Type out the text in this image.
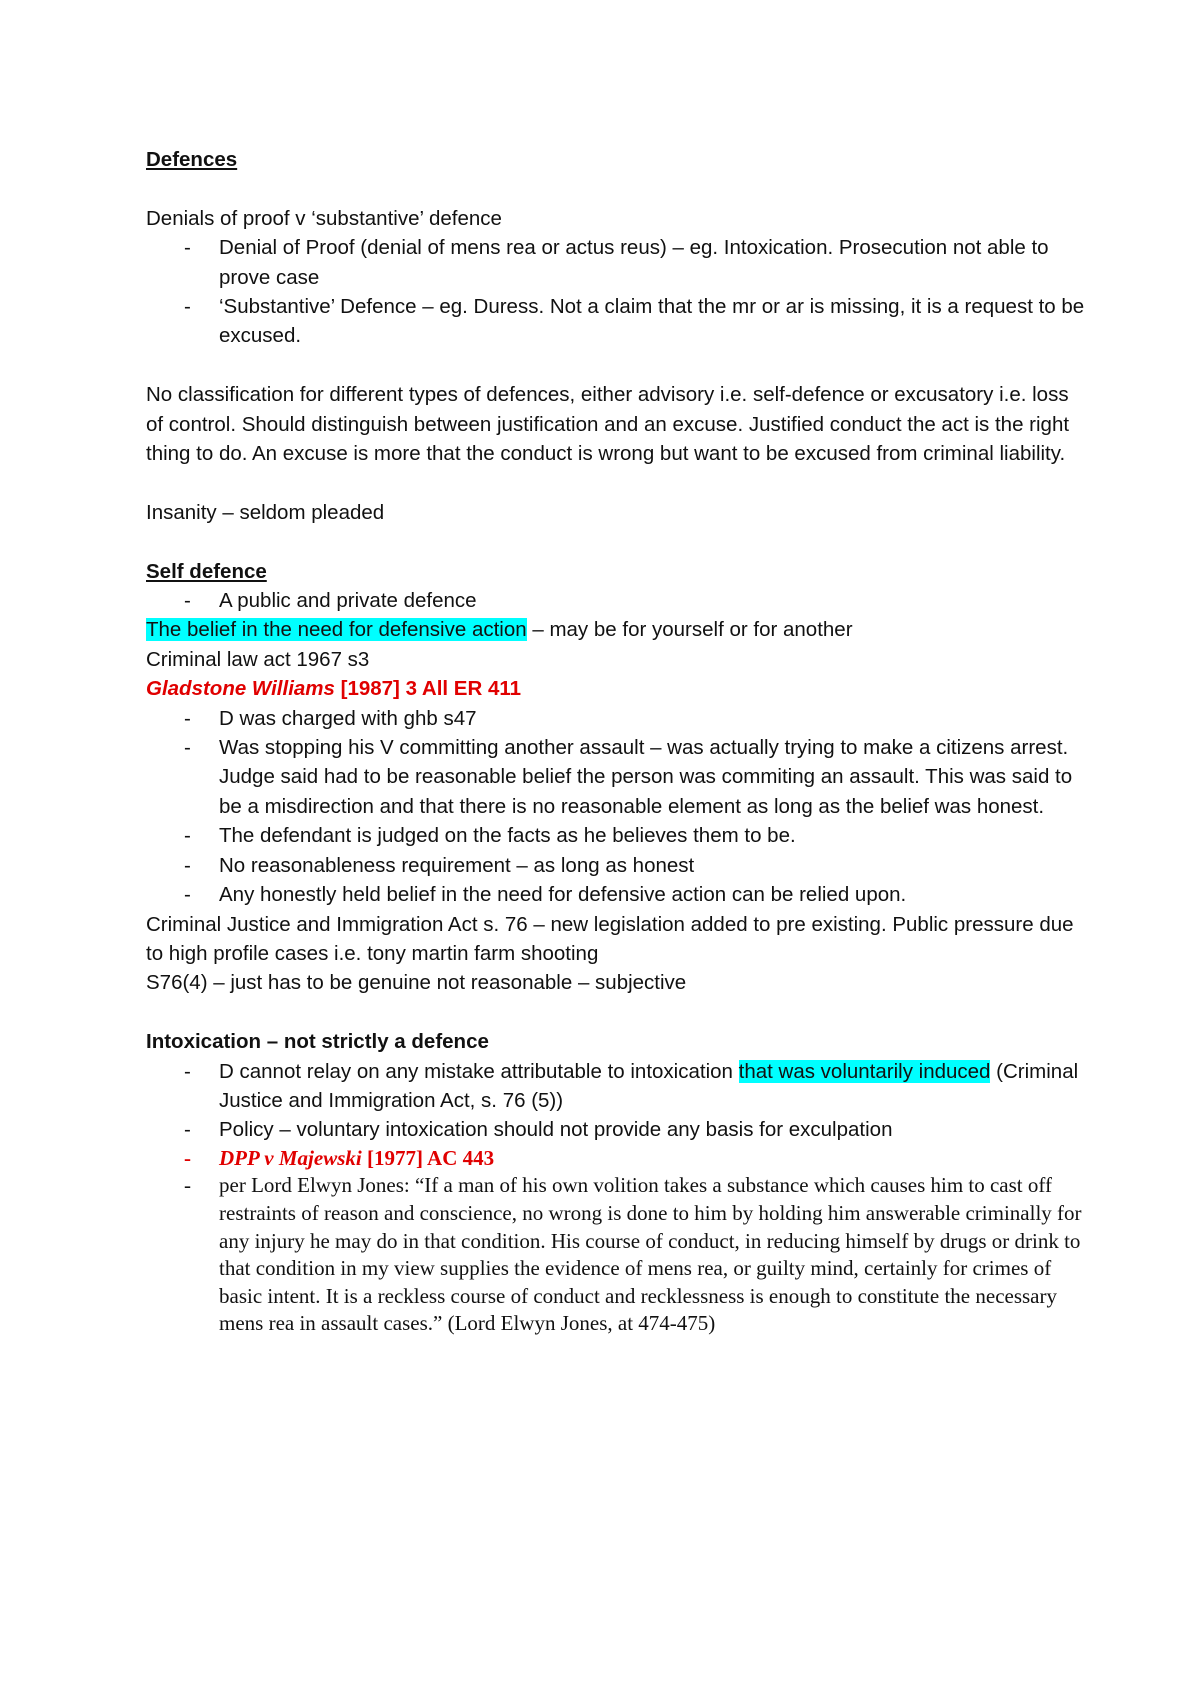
Defences

Denials of proof v ‘substantive’ defence

- Denial of Proof (denial of mens rea or actus reus) – eg. Intoxication. Prosecution not able to prove case
- ‘Substantive’ Defence – eg. Duress. Not a claim that the mr or ar is missing, it is a request to be excused.

No classification for different types of defences, either advisory i.e. self-defence or excusatory i.e. loss of control. Should distinguish between justification and an excuse. Justified conduct the act is the right thing to do. An excuse is more that the conduct is wrong but want to be excused from criminal liability.

Insanity – seldom pleaded

Self defence
- A public and private defence

The belief in the need for defensive action – may be for yourself or for another

Criminal law act 1967 s3

Gladstone Williams [1987] 3 All ER 411

- D was charged with ghb s47
- Was stopping his V committing another assault – was actually trying to make a citizens arrest. Judge said had to be reasonable belief the person was commiting an assault. This was said to be a misdirection and that there is no reasonable element as long as the belief was honest.
- The defendant is judged on the facts as he believes them to be.
- No reasonableness requirement – as long as honest
- Any honestly held belief in the need for defensive action can be relied upon.

Criminal Justice and Immigration Act s. 76 – new legislation added to pre existing. Public pressure due to high profile cases i.e. tony martin farm shooting

S76(4) – just has to be genuine not reasonable – subjective

Intoxication – not strictly a defence
- D cannot relay on any mistake attributable to intoxication that was voluntarily induced (Criminal Justice and Immigration Act, s. 76 (5))
- Policy – voluntary intoxication should not provide any basis for exculpation
- DPP v Majewski [1977] AC 443
- per Lord Elwyn Jones: “If a man of his own volition takes a substance which causes him to cast off restraints of reason and conscience, no wrong is done to him by holding him answerable criminally for any injury he may do in that condition. His course of conduct, in reducing himself by drugs or drink to that condition in my view supplies the evidence of mens rea, or guilty mind, certainly for crimes of basic intent. It is a reckless course of conduct and recklessness is enough to constitute the necessary mens rea in assault cases.” (Lord Elwyn Jones, at 474-475)
